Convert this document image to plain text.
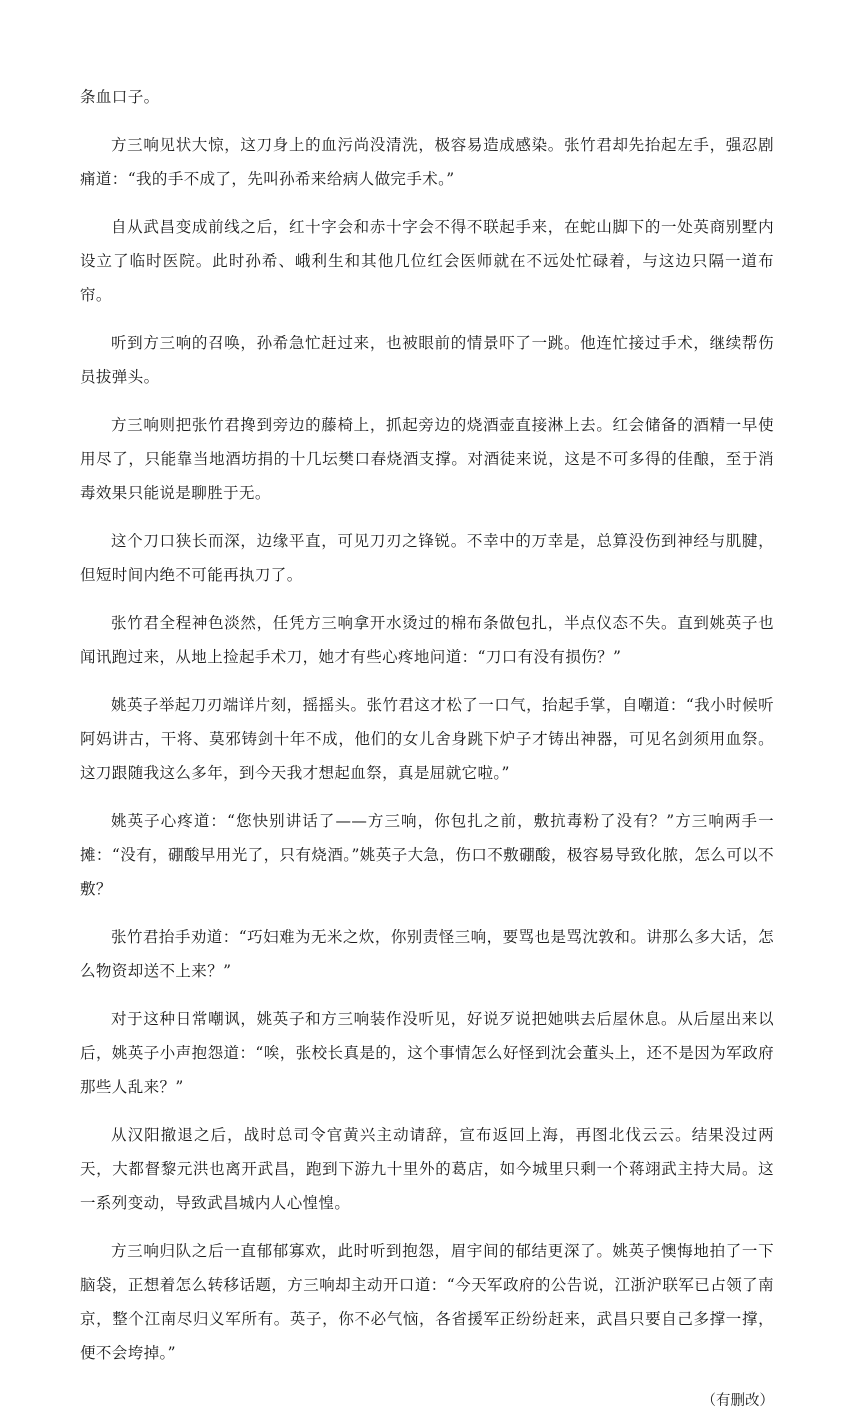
条血口子。

方三响见状大惊，这刀身上的血污尚没清洗，极容易造成感染。张竹君却先抬起左手，强忍剧痛道：“我的手不成了，先叫孙希来给病人做完手术。”

自从武昌变成前线之后，红十字会和赤十字会不得不联起手来，在蛇山脚下的一处英商别墅内设立了临时医院。此时孙希、峨利生和其他几位红会医师就在不远处忙碌着，与这边只隔一道布帘。

听到方三响的召唤，孙希急忙赶过来，也被眼前的情景吓了一跳。他连忙接过手术，继续帮伤员拔弹头。

方三响则把张竹君搀到旁边的藤椅上，抓起旁边的烧酒壶直接淋上去。红会储备的酒精一早使用尽了，只能靠当地酒坊捐的十几坛樊口春烧酒支撑。对酒徒来说，这是不可多得的佳酿，至于消毒效果只能说是聊胜于无。

这个刀口狭长而深，边缘平直，可见刀刃之锋锐。不幸中的万幸是，总算没伤到神经与肌腱，但短时间内绝不可能再执刀了。

张竹君全程神色淡然，任凭方三响拿开水烫过的棉布条做包扎，半点仪态不失。直到姚英子也闻讯跑过来，从地上捡起手术刀，她才有些心疼地问道：“刀口有没有损伤？”

姚英子举起刀刃端详片刻，摇摇头。张竹君这才松了一口气，抬起手掌，自嘲道：“我小时候听阿妈讲古，干将、莫邪铸剑十年不成，他们的女儿舍身跳下炉子才铸出神器，可见名剑须用血祭。这刀跟随我这么多年，到今天我才想起血祭，真是屈就它啦。”

姚英子心疼道：“您快别讲话了——方三响，你包扎之前，敷抗毒粉了没有？”方三响两手一摊：“没有，硼酸早用光了，只有烧酒。”姚英子大急，伤口不敷硼酸，极容易导致化脓，怎么可以不敷？

张竹君抬手劝道：“巧妇难为无米之炊，你别责怪三响，要骂也是骂沈敦和。讲那么多大话，怎么物资却送不上来？”

对于这种日常嘲讽，姚英子和方三响装作没听见，好说歹说把她哄去后屋休息。从后屋出来以后，姚英子小声抱怨道：“唉，张校长真是的，这个事情怎么好怪到沈会董头上，还不是因为军政府那些人乱来？”

从汉阳撤退之后，战时总司令官黄兴主动请辞，宣布返回上海，再图北伐云云。结果没过两天，大都督黎元洪也离开武昌，跑到下游九十里外的葛店，如今城里只剩一个蒋翊武主持大局。这一系列变动，导致武昌城内人心惶惶。

方三响归队之后一直郁郁寡欢，此时听到抱怨，眉宇间的郁结更深了。姚英子懊悔地拍了一下脑袋，正想着怎么转移话题，方三响却主动开口道：“今天军政府的公告说，江浙沪联军已占领了南京，整个江南尽归义军所有。英子，你不必气恼，各省援军正纷纷赶来，武昌只要自己多撑一撑，便不会垮掉。”

（有删改）
